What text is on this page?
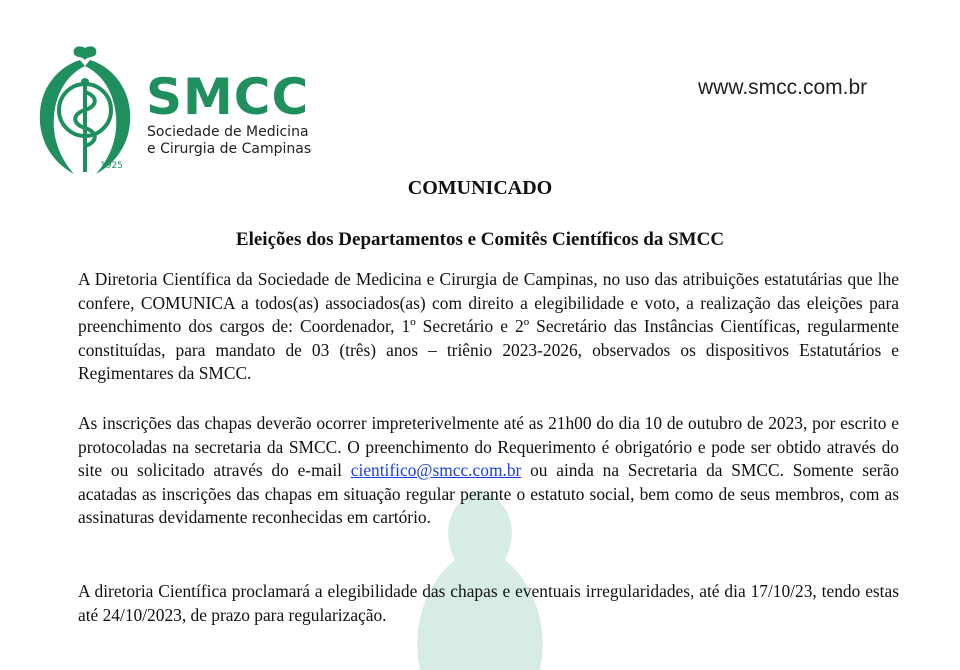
1925
SMCC
Sociedade de Medicina
e Cirurgia de Campinas
www.smcc.com.br
COMUNICADO
Eleições dos Departamentos e Comitês Científicos da SMCC

A Diretoria Científica da Sociedade de Medicina e Cirurgia de Campinas, no uso das atribuições estatutárias que lhe confere, COMUNICA a todos(as) associados(as) com direito a elegibilidade e voto, a realização das eleições para preenchimento dos cargos de: Coordenador, 1º Secretário e 2º Secretário das Instâncias Científicas, regularmente constituídas, para mandato de 03 (três) anos – triênio 2023-2026, observados os dispositivos Estatutários e Regimentares da SMCC.

As inscrições das chapas deverão ocorrer impreterivelmente até as 21h00 do dia 10 de outubro de 2023, por escrito e protocoladas na secretaria da SMCC. O preenchimento do Requerimento é obrigatório e pode ser obtido através do site ou solicitado através do e-mail cientifico@smcc.com.br ou ainda na Secretaria da SMCC. Somente serão acatadas as inscrições das chapas em situação regular perante o estatuto social, bem como de seus membros, com as assinaturas devidamente reconhecidas em cartório.

A diretoria Científica proclamará a elegibilidade das chapas e eventuais irregularidades, até dia 17/10/23, tendo estas até 24/10/2023, de prazo para regularização.
